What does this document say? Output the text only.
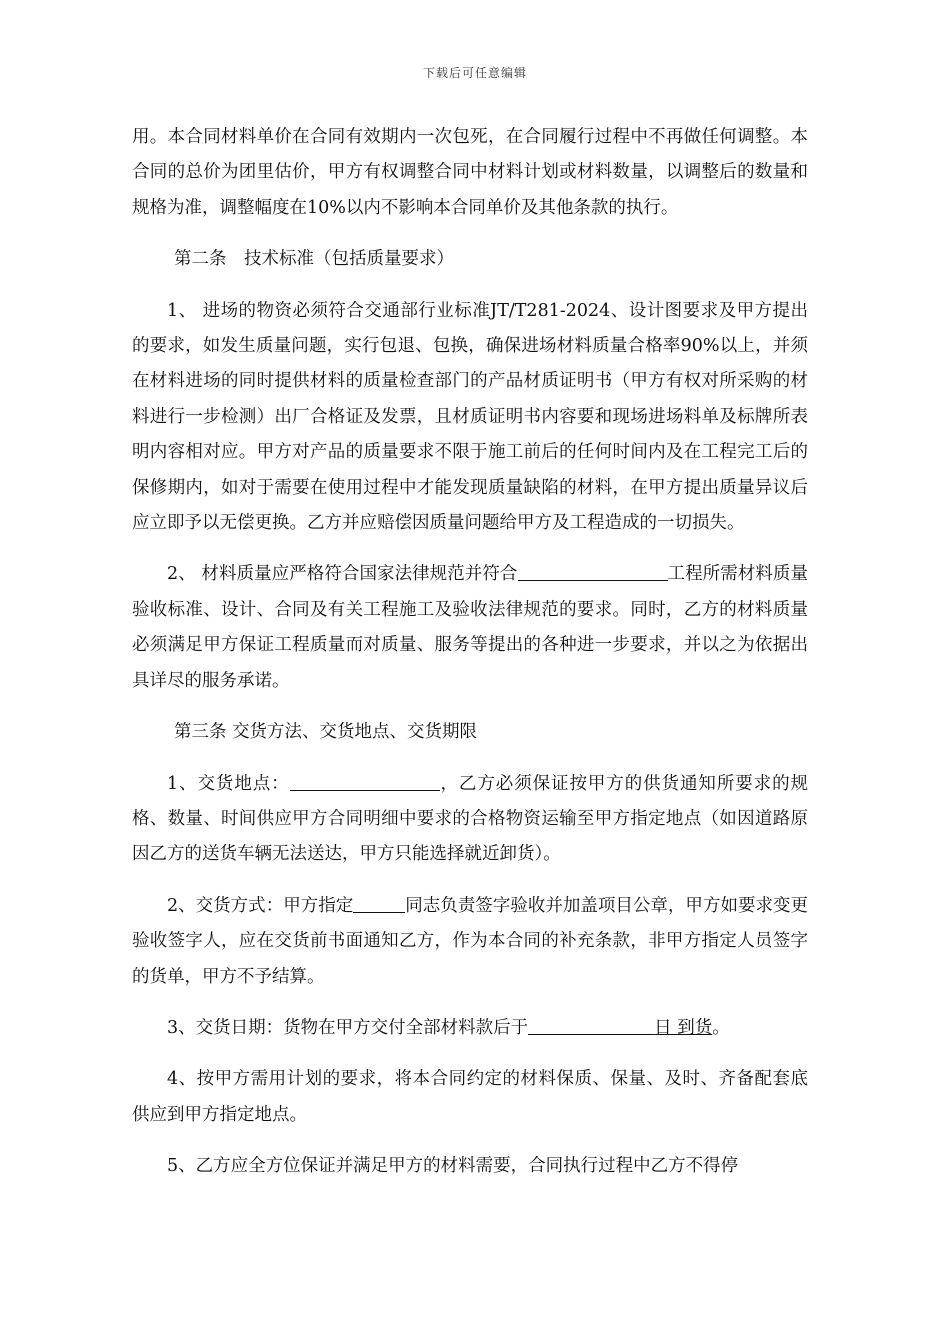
下载后可任意编辑

用。本合同材料单价在合同有效期内一次包死，在合同履行过程中不再做任何调整。本合同的总价为团里估价，甲方有权调整合同中材料计划或材料数量，以调整后的数量和规格为准，调整幅度在10%以内不影响本合同单价及其他条款的执行。

第二条　技术标准（包括质量要求）

1、 进场的物资必须符合交通部行业标准JT/T281-2024、设计图要求及甲方提出的要求，如发生质量问题，实行包退、包换，确保进场材料质量合格率90%以上，并须在材料进场的同时提供材料的质量检查部门的产品材质证明书（甲方有权对所采购的材料进行一步检测）出厂合格证及发票，且材质证明书内容要和现场进场料单及标牌所表明内容相对应。甲方对产品的质量要求不限于施工前后的任何时间内及在工程完工后的保修期内，如对于需要在使用过程中才能发现质量缺陷的材料，在甲方提出质量异议后应立即予以无偿更换。乙方并应赔偿因质量问题给甲方及工程造成的一切损失。

2、 材料质量应严格符合国家法律规范并符合	工程所需材料质量验收标准、设计、合同及有关工程施工及验收法律规范的要求。同时，乙方的材料质量必须满足甲方保证工程质量而对质量、服务等提出的各种进一步要求，并以之为依据出具详尽的服务承诺。

第三条 交货方法、交货地点、交货期限

1、交货地点：	，乙方必须保证按甲方的供货通知所要求的规格、数量、时间供应甲方合同明细中要求的合格物资运输至甲方指定地点（如因道路原因乙方的送货车辆无法送达，甲方只能选择就近卸货）。

2、交货方式：甲方指定	同志负责签字验收并加盖项目公章，甲方如要求变更验收签字人，应在交货前书面通知乙方，作为本合同的补充条款，非甲方指定人员签字的货单，甲方不予结算。

3、交货日期：货物在甲方交付全部材料款后于	日 到货。

4、按甲方需用计划的要求，将本合同约定的材料保质、保量、及时、齐备配套底供应到甲方指定地点。

5、乙方应全方位保证并满足甲方的材料需要，合同执行过程中乙方不得停
